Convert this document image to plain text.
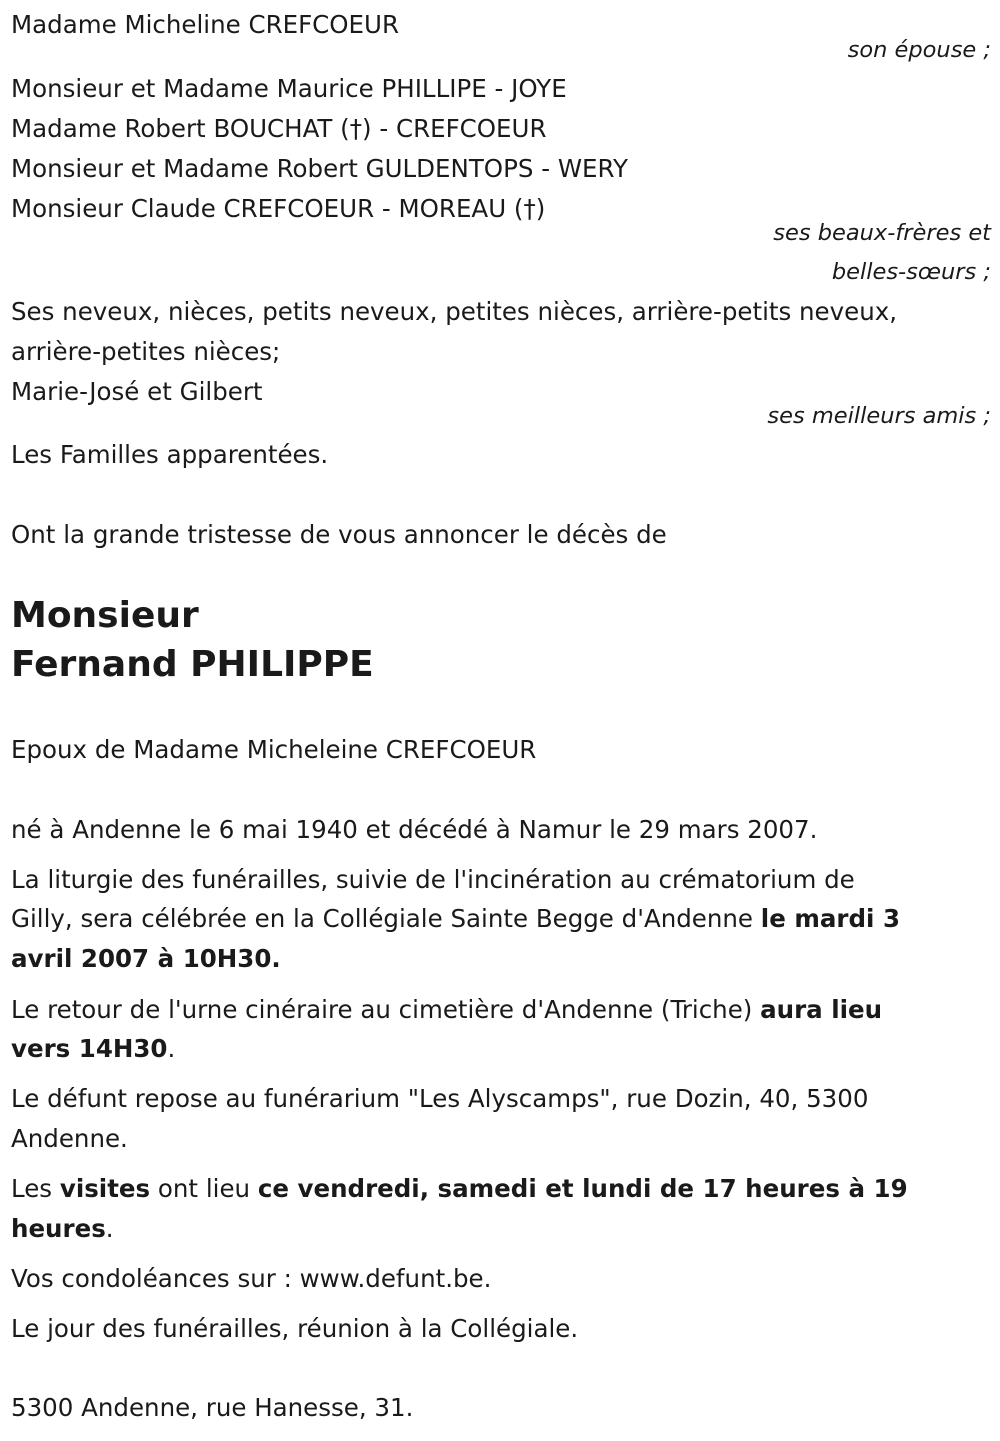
Madame Micheline CREFCOEUR
son épouse ;
Monsieur et Madame Maurice PHILLIPE - JOYE
Madame Robert BOUCHAT (†) - CREFCOEUR
Monsieur et Madame Robert GULDENTOPS - WERY
Monsieur Claude CREFCOEUR - MOREAU (†)
ses beaux-frères et
belles-sœurs ;
Ses neveux, nièces, petits neveux, petites nièces, arrière-petits neveux,
arrière-petites nièces;
Marie-José et Gilbert
ses meilleurs amis ;
Les Familles apparentées.
Ont la grande tristesse de vous annoncer le décès de
Monsieur
Fernand PHILIPPE
Epoux de Madame Micheleine CREFCOEUR
né à Andenne le 6 mai 1940 et décédé à Namur le 29 mars 2007.
La liturgie des funérailles, suivie de l'incinération au crématorium de
Gilly, sera célébrée en la Collégiale Sainte Begge d'Andenne le mardi 3
avril 2007 à 10H30.
Le retour de l'urne cinéraire au cimetière d'Andenne (Triche) aura lieu
vers 14H30.
Le défunt repose au funérarium "Les Alyscamps", rue Dozin, 40, 5300
Andenne.
Les visites ont lieu ce vendredi, samedi et lundi de 17 heures à 19
heures.
Vos condoléances sur : www.defunt.be.
Le jour des funérailles, réunion à la Collégiale.
5300 Andenne, rue Hanesse, 31.
